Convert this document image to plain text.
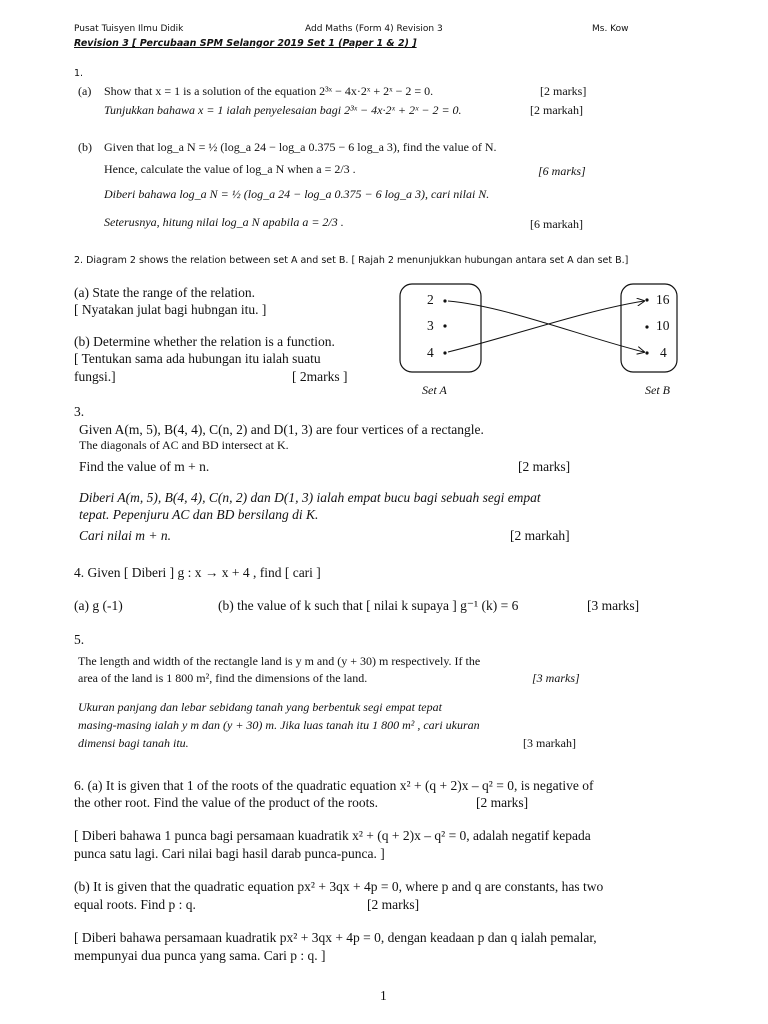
Pusat Tuisyen Ilmu Didik	Add Maths (Form 4) Revision 3	Ms. Kow
Revision 3 [ Percubaan SPM Selangor 2019 Set 1 (Paper 1 & 2) ]
1.
(a) Show that x = 1 is a solution of the equation 2³ˣ − 4x·2ˣ + 2ˣ − 2 = 0.	[2 marks]
Tunjukkan bahawa x = 1 ialah penyelesaian bagi 2³ˣ − 4x·2ˣ + 2ˣ − 2 = 0.	[2 markah]
(b) Given that log_a N = ½ (log_a 24 − log_a 0.375 − 6 log_a 3), find the value of N.
Hence, calculate the value of log_a N when a = 2/3 .	[6 marks]
Diberi bahawa log_a N = ½ (log_a 24 − log_a 0.375 − 6 log_a 3), cari nilai N.
Seterusnya, hitung nilai log_a N apabila a = 2/3 .	[6 markah]
2. Diagram 2 shows the relation between set A and set B. [ Rajah 2 menunjukkan hubungan antara set A dan set B.]
(a) State the range of the relation.
[ Nyatakan julat bagi hubngan itu. ]
(b) Determine whether the relation is a function.
[ Tentukan sama ada hubungan itu ialah suatu
fungsi.]	[ 2marks ]
2
3
4
16
10
4
Set A	Set B
3.
Given A(m, 5), B(4, 4), C(n, 2) and D(1, 3) are four vertices of a rectangle.
The diagonals of AC and BD intersect at K.
Find the value of m + n.	[2 marks]
Diberi A(m, 5), B(4, 4), C(n, 2) dan D(1, 3) ialah empat bucu bagi sebuah segi empat
tepat. Pepenjuru AC dan BD bersilang di K.
Cari nilai m + n.	[2 markah]
4. Given [ Diberi ] g : x → x + 4 , find [ cari ]
(a) g (-1)	(b) the value of k such that [ nilai k supaya ] g⁻¹ (k) = 6	[3 marks]
5.
The length and width of the rectangle land is y m and (y + 30) m respectively. If the
area of the land is 1 800 m², find the dimensions of the land.	[3 marks]
Ukuran panjang dan lebar sebidang tanah yang berbentuk segi empat tepat
masing-masing ialah y m dan (y + 30) m. Jika luas tanah itu 1 800 m² , cari ukuran
dimensi bagi tanah itu.	[3 markah]
6. (a) It is given that 1 of the roots of the quadratic equation x² + (q + 2)x – q² = 0, is negative of
the other root. Find the value of the product of the roots.	[2 marks]
[ Diberi bahawa 1 punca bagi persamaan kuadratik x² + (q + 2)x – q² = 0, adalah negatif kepada
punca satu lagi. Cari nilai bagi hasil darab punca-punca. ]
(b) It is given that the quadratic equation px² + 3qx + 4p = 0, where p and q are constants, has two
equal roots. Find p : q.	[2 marks]
[ Diberi bahawa persamaan kuadratik px² + 3qx + 4p = 0, dengan keadaan p dan q ialah pemalar,
mempunyai dua punca yang sama. Cari p : q. ]
1
